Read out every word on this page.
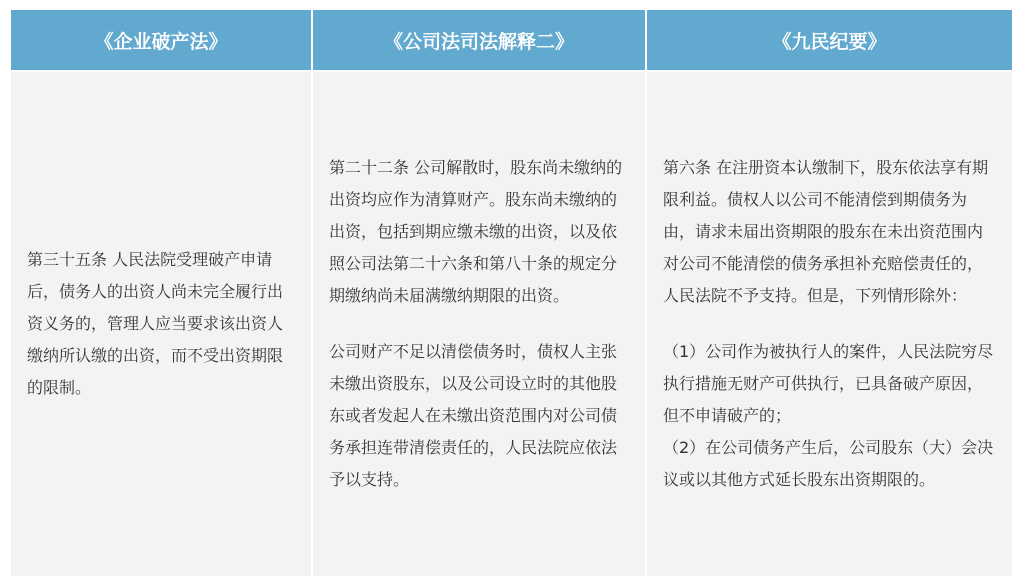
《企业破产法》	《公司法司法解释二》	《九民纪要》

第三十五条 人民法院受理破产申请后，债务人的出资人尚未完全履行出资义务的，管理人应当要求该出资人缴纳所认缴的出资，而不受出资期限的限制。

第二十二条 公司解散时，股东尚未缴纳的出资均应作为清算财产。股东尚未缴纳的出资，包括到期应缴未缴的出资，以及依照公司法第二十六条和第八十条的规定分期缴纳尚未届满缴纳期限的出资。

公司财产不足以清偿债务时，债权人主张未缴出资股东，以及公司设立时的其他股东或者发起人在未缴出资范围内对公司债务承担连带清偿责任的，人民法院应依法予以支持。

第六条 在注册资本认缴制下，股东依法享有期限利益。债权人以公司不能清偿到期债务为由，请求未届出资期限的股东在未出资范围内对公司不能清偿的债务承担补充赔偿责任的，人民法院不予支持。但是，下列情形除外：

（1）公司作为被执行人的案件，人民法院穷尽执行措施无财产可供执行，已具备破产原因，但不申请破产的；

（2）在公司债务产生后，公司股东（大）会决议或以其他方式延长股东出资期限的。
